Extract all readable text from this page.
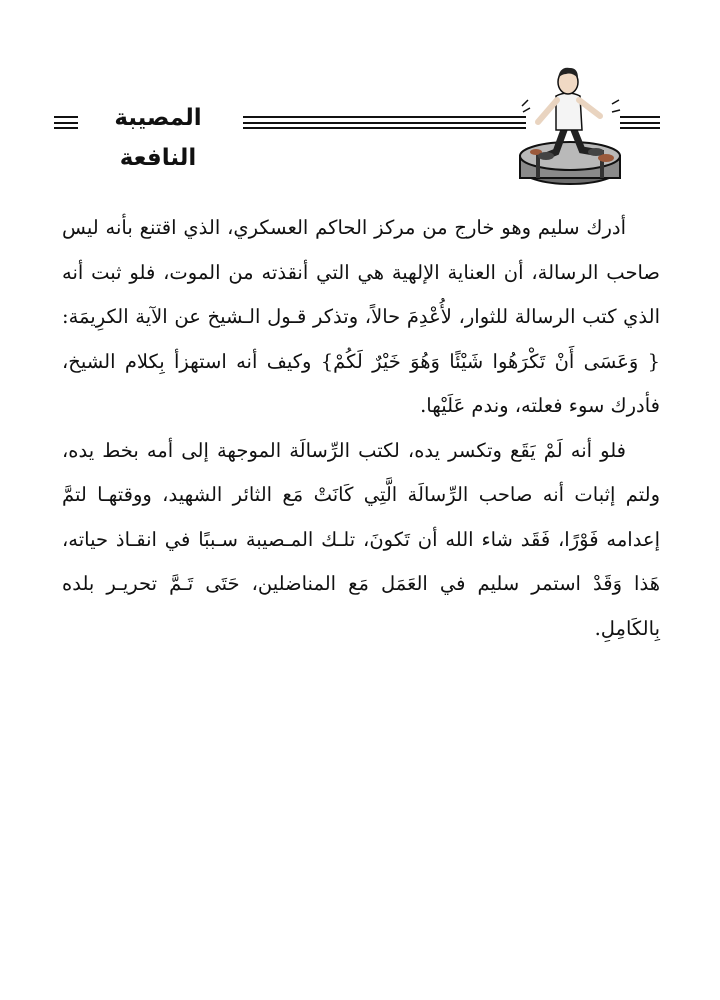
المصيبة النافعة

أدرك سليم وهو خارج من مركز الحاكم العسكري، الذي اقتنع بأنه ليس صاحب الرسالة، أن العناية الإلهية هي التي أنقذته من الموت، فلو ثبت أنه الذي كتب الرسالة للثوار، لأُعْدِمَ حالاً، وتذكر قـول الـشيخ عن الآية الكرِيمَة: { وَعَسَى أَنْ تَكْرَهُوا شَيْئًا وَهُوَ خَيْرٌ لَكُمْ} وكيف أنه استهزأ بِكلام الشيخ، فأدرك سوء فعلته، وندم عَلَيْها.

فلو أنه لَمْ يَقَع وتكسر يده، لكتب الرِّسالَة الموجهة إلى أمه بخط يده، ولتم إثبات أنه صاحب الرِّسالَة الَّتِي كَانَتْ مَع الثائر الشهيد، ووقتهـا لتمَّ إعدامه فَوْرًا، فَقَد شاء الله أن تَكونَ، تلـك المـصيبة سـببًا في انقـاذ حياته، هَذا وَقَدْ استمر سليم في العَمَل مَع المناضلين، حَتَى تَـمَّ تحريـر بلده بِالكَامِلِ.
